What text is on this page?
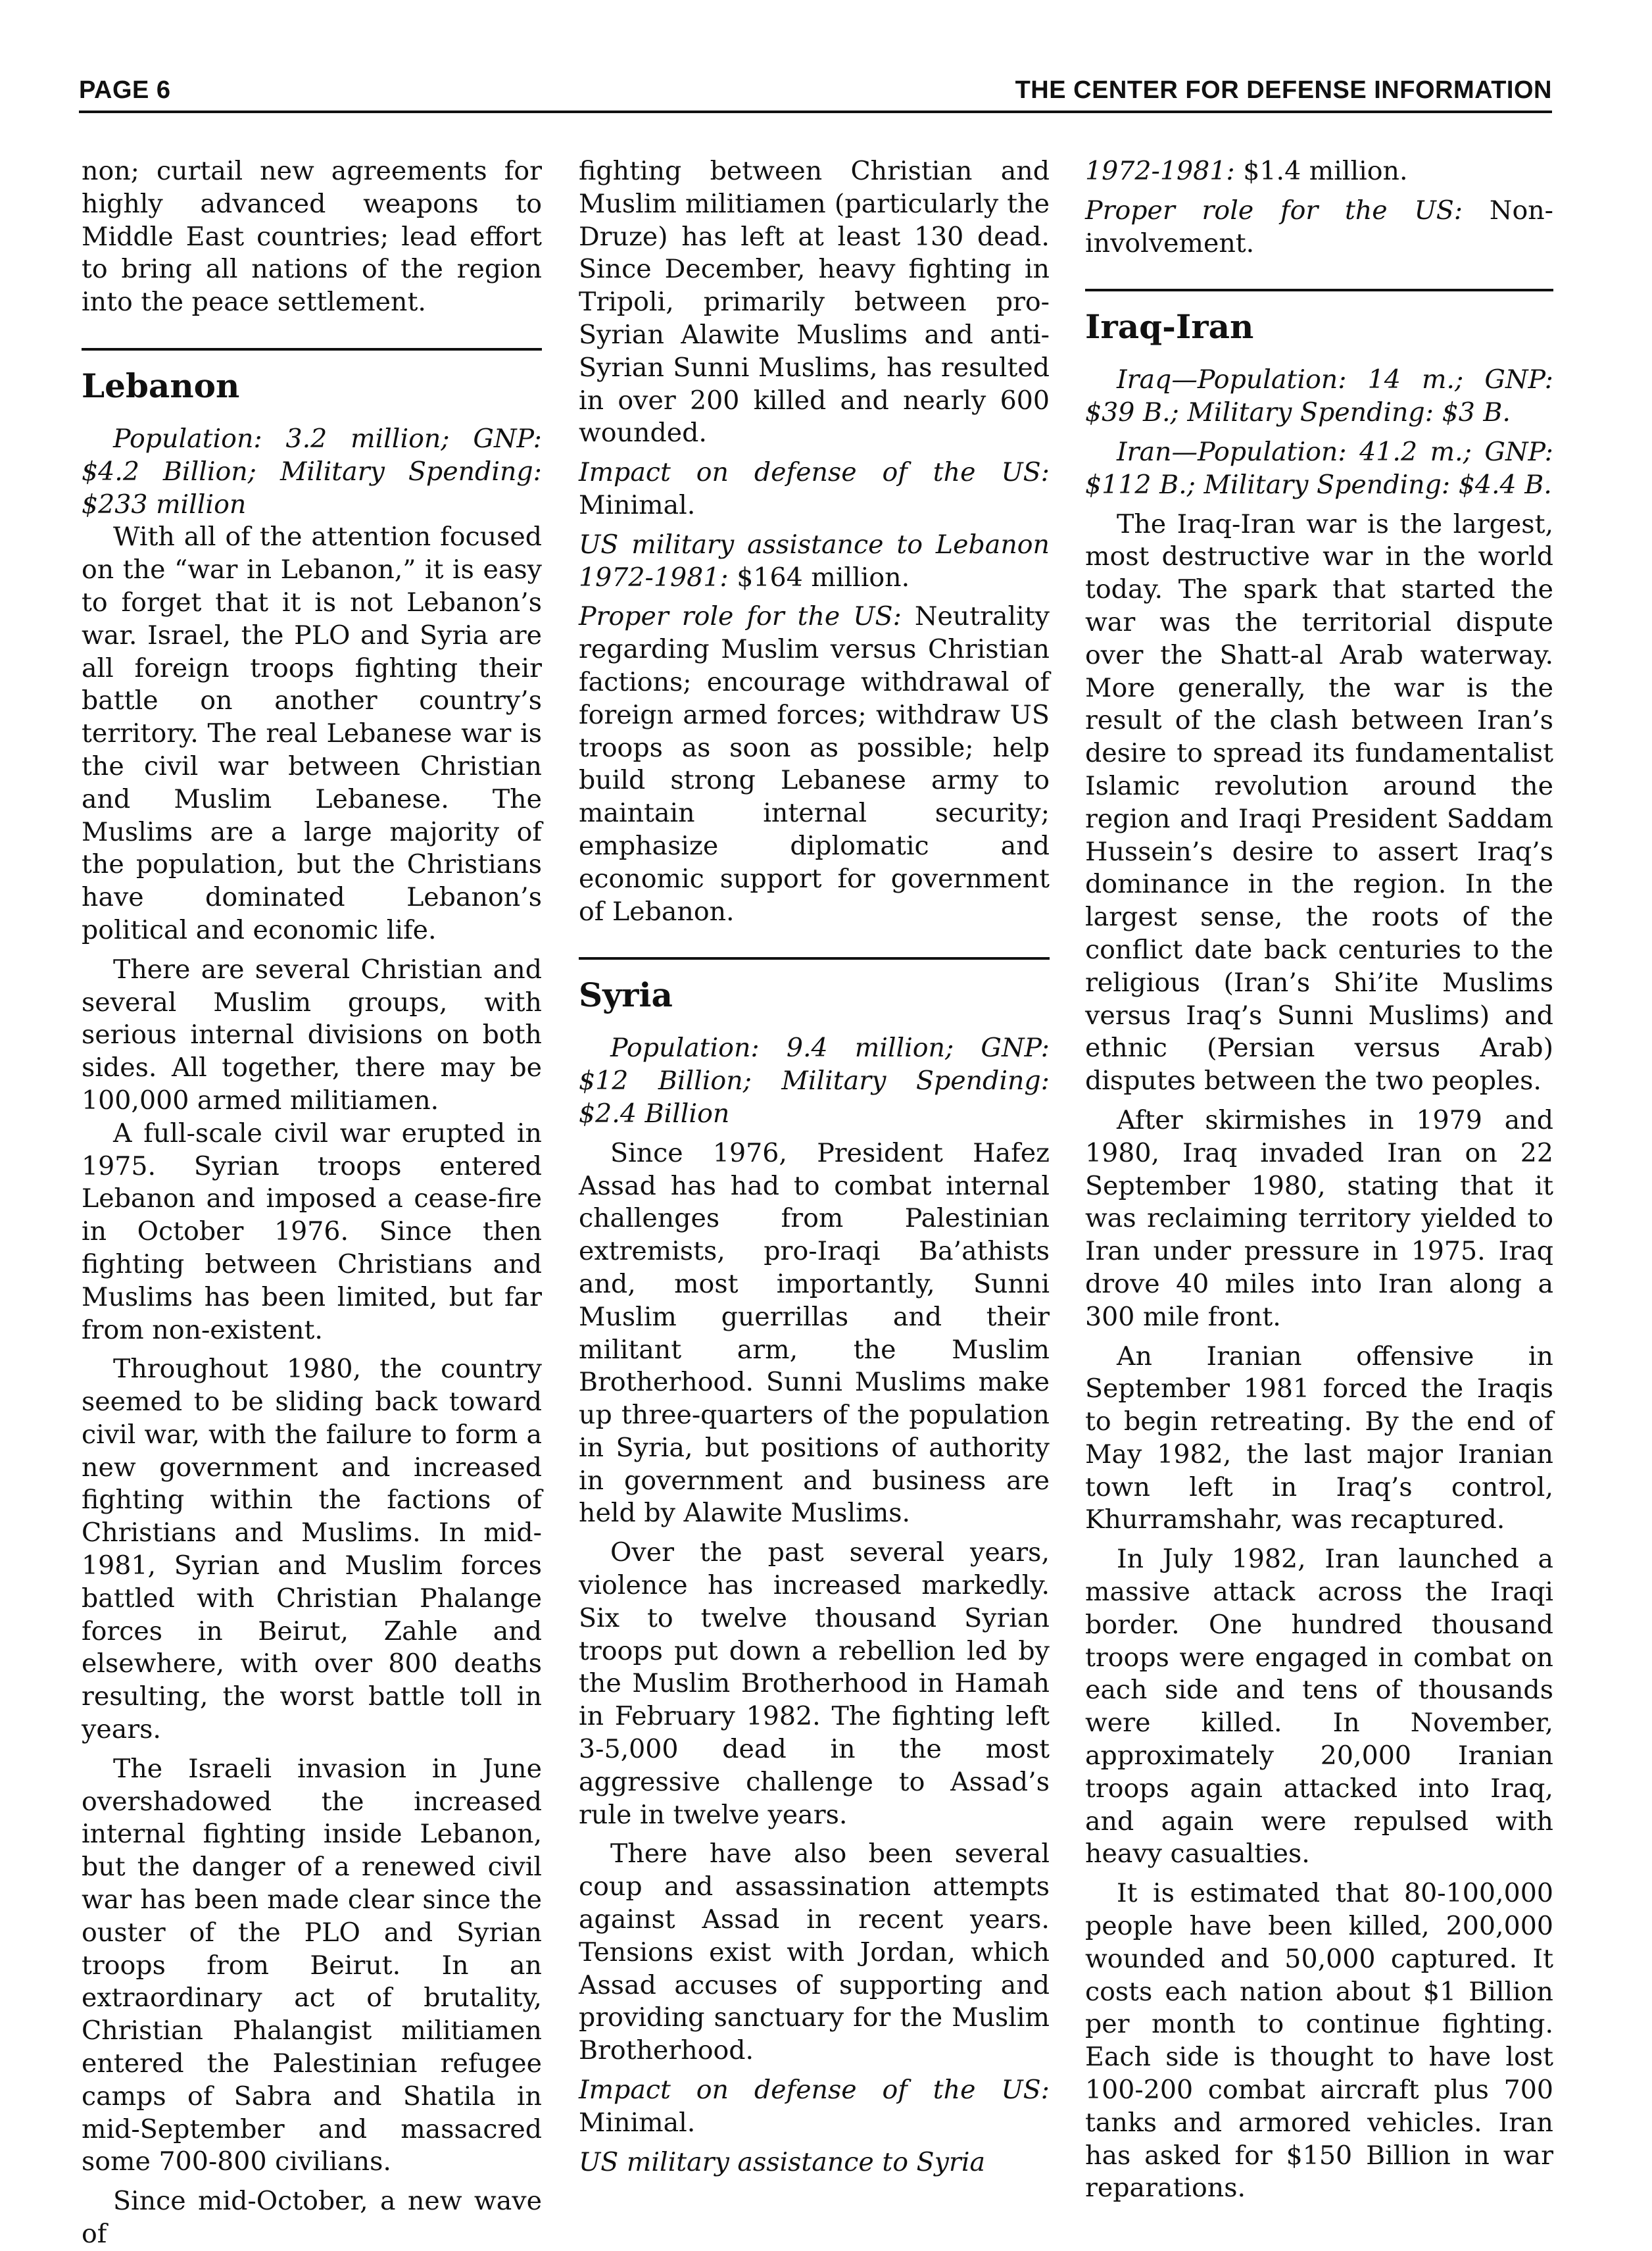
PAGE 6	THE CENTER FOR DEFENSE INFORMATION

non; curtail new agreements for highly advanced weapons to Middle East countries; lead effort to bring all nations of the region into the peace settlement.

Lebanon

Population: 3.2 million; GNP: $4.2 Billion; Military Spending: $233 million

With all of the attention focused on the “war in Lebanon,” it is easy to forget that it is not Lebanon’s war. Israel, the PLO and Syria are all foreign troops fighting their battle on another country’s territory. The real Lebanese war is the civil war between Christian and Muslim Lebanese. The Muslims are a large majority of the population, but the Christians have dominated Lebanon’s political and economic life.

There are several Christian and several Muslim groups, with serious internal divisions on both sides. All together, there may be 100,000 armed militiamen.

A full-scale civil war erupted in 1975. Syrian troops entered Lebanon and imposed a cease-fire in October 1976. Since then fighting between Christians and Muslims has been limited, but far from non-existent.

Throughout 1980, the country seemed to be sliding back toward civil war, with the failure to form a new government and increased fighting within the factions of Christians and Muslims. In mid-1981, Syrian and Muslim forces battled with Christian Phalange forces in Beirut, Zahle and elsewhere, with over 800 deaths resulting, the worst battle toll in years.

The Israeli invasion in June overshadowed the increased internal fighting inside Lebanon, but the danger of a renewed civil war has been made clear since the ouster of the PLO and Syrian troops from Beirut. In an extraordinary act of brutality, Christian Phalangist militiamen entered the Palestinian refugee camps of Sabra and Shatila in mid-September and massacred some 700-800 civilians.

Since mid-October, a new wave of

fighting between Christian and Muslim militiamen (particularly the Druze) has left at least 130 dead. Since December, heavy fighting in Tripoli, primarily between pro-Syrian Alawite Muslims and anti-Syrian Sunni Muslims, has resulted in over 200 killed and nearly 600 wounded.

Impact on defense of the US: Minimal.

US military assistance to Lebanon 1972-1981: $164 million.

Proper role for the US: Neutrality regarding Muslim versus Christian factions; encourage withdrawal of foreign armed forces; withdraw US troops as soon as possible; help build strong Lebanese army to maintain internal security; emphasize diplomatic and economic support for government of Lebanon.

Syria

Population: 9.4 million; GNP: $12 Billion; Military Spending: $2.4 Billion

Since 1976, President Hafez Assad has had to combat internal challenges from Palestinian extremists, pro-Iraqi Ba’athists and, most importantly, Sunni Muslim guerrillas and their militant arm, the Muslim Brotherhood. Sunni Muslims make up three-quarters of the population in Syria, but positions of authority in government and business are held by Alawite Muslims.

Over the past several years, violence has increased markedly. Six to twelve thousand Syrian troops put down a rebellion led by the Muslim Brotherhood in Hamah in February 1982. The fighting left 3-5,000 dead in the most aggressive challenge to Assad’s rule in twelve years.

There have also been several coup and assassination attempts against Assad in recent years. Tensions exist with Jordan, which Assad accuses of supporting and providing sanctuary for the Muslim Brotherhood.

Impact on defense of the US: Minimal.

US military assistance to Syria

1972-1981: $1.4 million.

Proper role for the US: Non-involvement.

Iraq-Iran

Iraq—Population: 14 m.; GNP: $39 B.; Military Spending: $3 B.

Iran—Population: 41.2 m.; GNP: $112 B.; Military Spending: $4.4 B.

The Iraq-Iran war is the largest, most destructive war in the world today. The spark that started the war was the territorial dispute over the Shatt-al Arab waterway. More generally, the war is the result of the clash between Iran’s desire to spread its fundamentalist Islamic revolution around the region and Iraqi President Saddam Hussein’s desire to assert Iraq’s dominance in the region. In the largest sense, the roots of the conflict date back centuries to the religious (Iran’s Shi’ite Muslims versus Iraq’s Sunni Muslims) and ethnic (Persian versus Arab) disputes between the two peoples.

After skirmishes in 1979 and 1980, Iraq invaded Iran on 22 September 1980, stating that it was reclaiming territory yielded to Iran under pressure in 1975. Iraq drove 40 miles into Iran along a 300 mile front.

An Iranian offensive in September 1981 forced the Iraqis to begin retreating. By the end of May 1982, the last major Iranian town left in Iraq’s control, Khurramshahr, was recaptured.

In July 1982, Iran launched a massive attack across the Iraqi border. One hundred thousand troops were engaged in combat on each side and tens of thousands were killed. In November, approximately 20,000 Iranian troops again attacked into Iraq, and again were repulsed with heavy casualties.

It is estimated that 80-100,000 people have been killed, 200,000 wounded and 50,000 captured. It costs each nation about $1 Billion per month to continue fighting. Each side is thought to have lost 100-200 combat aircraft plus 700 tanks and armored vehicles. Iran has asked for $150 Billion in war reparations.
